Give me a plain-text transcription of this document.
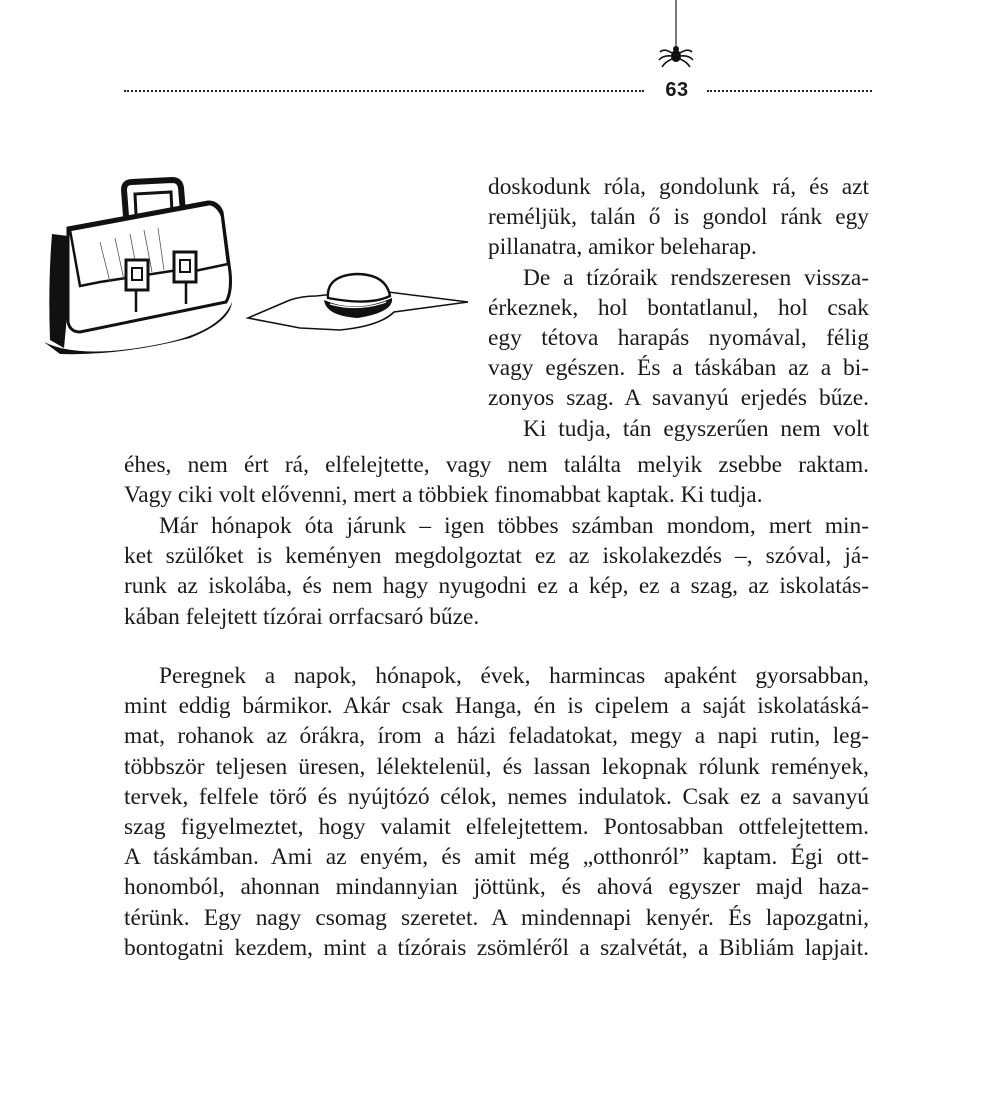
63
doskodunk róla, gondolunk rá, és azt
reméljük, talán ő is gondol ránk egy
pillanatra, amikor beleharap.
De a tízóraik rendszeresen vissza-
érkeznek, hol bontatlanul, hol csak
egy tétova harapás nyomával, félig
vagy egészen. És a táskában az a bi-
zonyos szag. A savanyú erjedés bűze.
Ki tudja, tán egyszerűen nem volt
éhes, nem ért rá, elfelejtette, vagy nem találta melyik zsebbe raktam.
Vagy ciki volt elővenni, mert a többiek finomabbat kaptak. Ki tudja.
Már hónapok óta járunk – igen többes számban mondom, mert min-
ket szülőket is keményen megdolgoztat ez az iskolakezdés –, szóval, já-
runk az iskolába, és nem hagy nyugodni ez a kép, ez a szag, az iskolatás-
kában felejtett tízórai orrfacsaró bűze.
Peregnek a napok, hónapok, évek, harmincas apaként gyorsabban,
mint eddig bármikor. Akár csak Hanga, én is cipelem a saját iskolatáská-
mat, rohanok az órákra, írom a házi feladatokat, megy a napi rutin, leg-
többször teljesen üresen, lélektelenül, és lassan lekopnak rólunk remények,
tervek, felfele törő és nyújtózó célok, nemes indulatok. Csak ez a savanyú
szag figyelmeztet, hogy valamit elfelejtettem. Pontosabban ottfelejtettem.
A táskámban. Ami az enyém, és amit még „otthonról” kaptam. Égi ott-
honomból, ahonnan mindannyian jöttünk, és ahová egyszer majd haza-
térünk. Egy nagy csomag szeretet. A mindennapi kenyér. És lapozgatni,
bontogatni kezdem, mint a tízórais zsömléről a szalvétát, a Bibliám lapjait.
